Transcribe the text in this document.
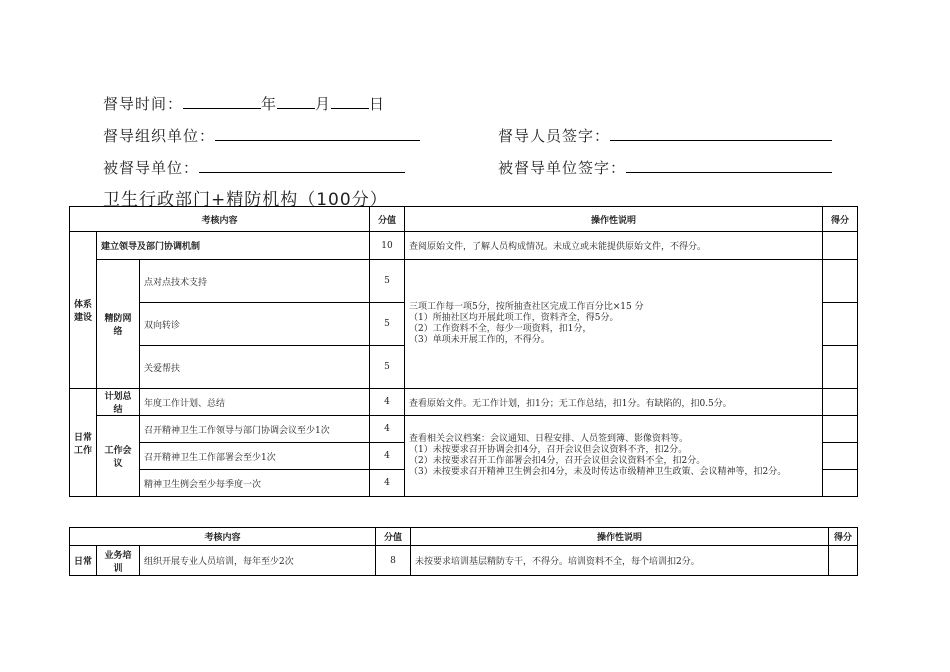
督导时间：	年	月	日
督导组织单位：	督导人员签字：
被督导单位：	被督导单位签字：
卫生行政部门+精防机构（100分）
考核内容			分值	操作性说明	得分
体系建设	建立领导及部门协调机制		10	查阅原始文件，了解人员构成情况。未成立或未能提供原始文件，不得分。	
	精防网络	点对点技术支持	5	三项工作每一项5分，按所抽查社区完成工作百分比×15 分
（1）所抽社区均开展此项工作，资料齐全，得5分。
（2）工作资料不全，每少一项资料，扣1分，
（3）单项未开展工作的，不得分。	

		双向转诊	5		
		关爱帮扶	5		
日常工作	计划总结	年度工作计划、总结	4	查看原始文件。无工作计划，扣1分；无工作总结，扣1分。有缺陷的，扣0.5分。	
	工作会议	召开精神卫生工作领导与部门协调会议至少1次	4	查看相关会议档案：会议通知、日程安排、人员签到簿、影像资料等。
（1）未按要求召开协调会扣4分，召开会议但会议资料不齐，扣2分。
（2）未按要求召开工作部署会扣4分，召开会议但会议资料不全，扣2分。
（3）未按要求召开精神卫生例会扣4分，未及时传达市级精神卫生政策、会议精神等，扣2分。	

		召开精神卫生工作部署会至少1次	4		
		精神卫生例会至少每季度一次	4		
考核内容			分值	操作性说明	得分
日常	业务培训	组织开展专业人员培训，每年至少2次	8	未按要求培训基层精防专干，不得分。培训资料不全，每个培训扣2分。	
